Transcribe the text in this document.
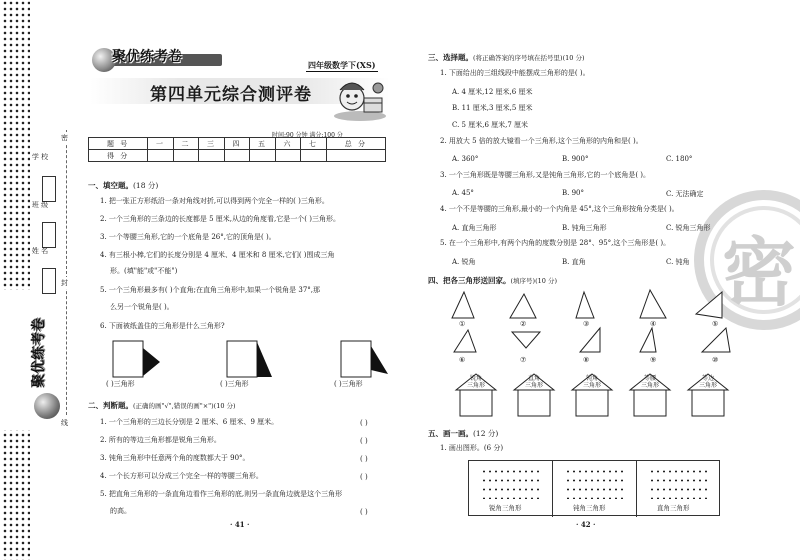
密
封
线
学 校
班 级
姓 名
聚优练考卷
聚优练考卷	四年级数学下(XS)
第四单元综合测评卷
时间:90 分钟 满分:100 分
题 号	一	二	三	四	五	六	七	总 分
得 分								
一、填空题。(18 分)
1. 把一张正方形纸沿一条对角线对折,可以得到两个完全一样的( )三角形。
2. 一个三角形的三条边的长度都是 5 厘米,从边的角度看,它是一个( )三角形。
3. 一个等腰三角形,它的一个底角是 26°,它的顶角是( )。
4. 有三根小棒,它们的长度分别是 4 厘米、4 厘米和 8 厘米,它们( )围成三角
形。(填"能"或"不能")
5. 一个三角形最多有( )个直角;在直角三角形中,如果一个锐角是 37°,那
么另一个锐角是( )。
6. 下面被纸盖住的三角形是什么三角形?
( )三角形	( )三角形	( )三角形
二、判断题。(正确的画"√",错误的画"×")(10 分)
1. 一个三角形的三边长分别是 2 厘米、6 厘米、9 厘米。	( )
2. 所有的等边三角形都是锐角三角形。	( )
3. 钝角三角形中任意两个角的度数都大于 90°。	( )
4. 一个长方形可以分成三个完全一样的等腰三角形。	( )
5. 把直角三角形的一条直角边看作三角形的底,则另一条直角边就是这个三角形
的高。	( )
· 41 ·
密
三、选择题。(将正确答案的序号填在括号里)(10 分)
1. 下面给出的三组线段中能摆成三角形的是( )。
A. 4 厘米,12 厘米,6 厘米
B. 11 厘米,3 厘米,5 厘米
C. 5 厘米,6 厘米,7 厘米
2. 用放大 5 倍的放大镜看一个三角形,这个三角形的内角和是( )。
A. 360°	B. 900°	C. 180°
3. 一个三角形既是等腰三角形,又是钝角三角形,它的一个底角是( )。
A. 45°	B. 90°	C. 无法确定
4. 一个不是等腰的三角形,最小的一个内角是 45°,这个三角形按角分类是( )。
A. 直角三角形	B. 钝角三角形	C. 锐角三角形
5. 在一个三角形中,有两个内角的度数分别是 28°、95°,这个三角形是( )。
A. 锐角	B. 直角	C. 钝角
四、把各三角形送回家。(填序号)(10 分)
①	②	③	④	⑤
⑥	⑦	⑧	⑨	⑩
锐角
三角形
直角
三角形
钝角
三角形
等腰
三角形
等边
三角形
五、画一画。(12 分)
1. 画出图形。(6 分)
锐角三角形	钝角三角形	直角三角形
· 42 ·
